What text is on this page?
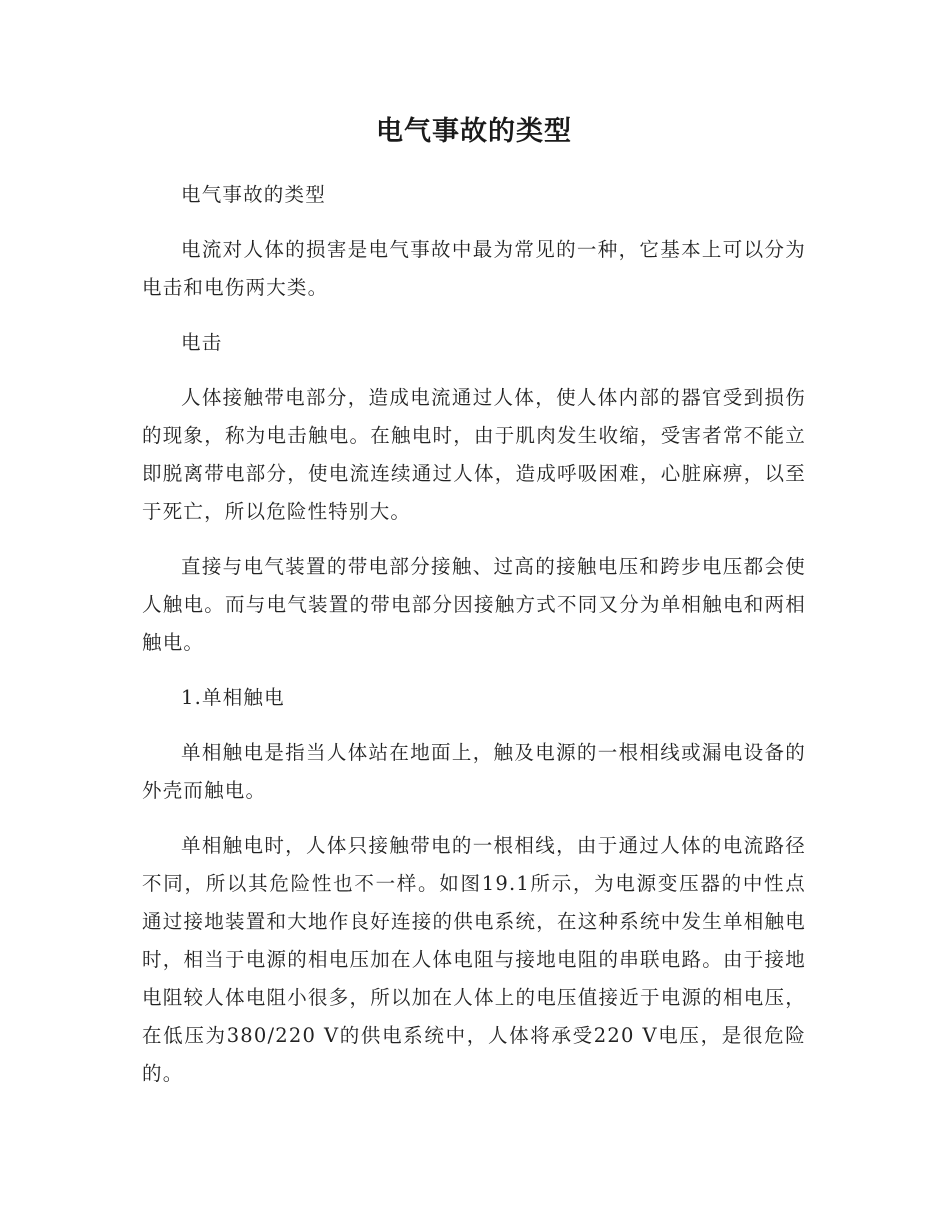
电气事故的类型

电气事故的类型

电流对人体的损害是电气事故中最为常见的一种，它基本上可以分为电击和电伤两大类。

电击

人体接触带电部分，造成电流通过人体，使人体内部的器官受到损伤的现象，称为电击触电。在触电时，由于肌肉发生收缩，受害者常不能立即脱离带电部分，使电流连续通过人体，造成呼吸困难，心脏麻痹，以至于死亡，所以危险性特别大。

直接与电气装置的带电部分接触、过高的接触电压和跨步电压都会使人触电。而与电气装置的带电部分因接触方式不同又分为单相触电和两相触电。

1.单相触电

单相触电是指当人体站在地面上，触及电源的一根相线或漏电设备的外壳而触电。

单相触电时，人体只接触带电的一根相线，由于通过人体的电流路径不同，所以其危险性也不一样。如图19.1所示，为电源变压器的中性点通过接地装置和大地作良好连接的供电系统，在这种系统中发生单相触电时，相当于电源的相电压加在人体电阻与接地电阻的串联电路。由于接地电阻较人体电阻小很多，所以加在人体上的电压值接近于电源的相电压，在低压为380/220 V的供电系统中，人体将承受220 V电压，是很危险的。
